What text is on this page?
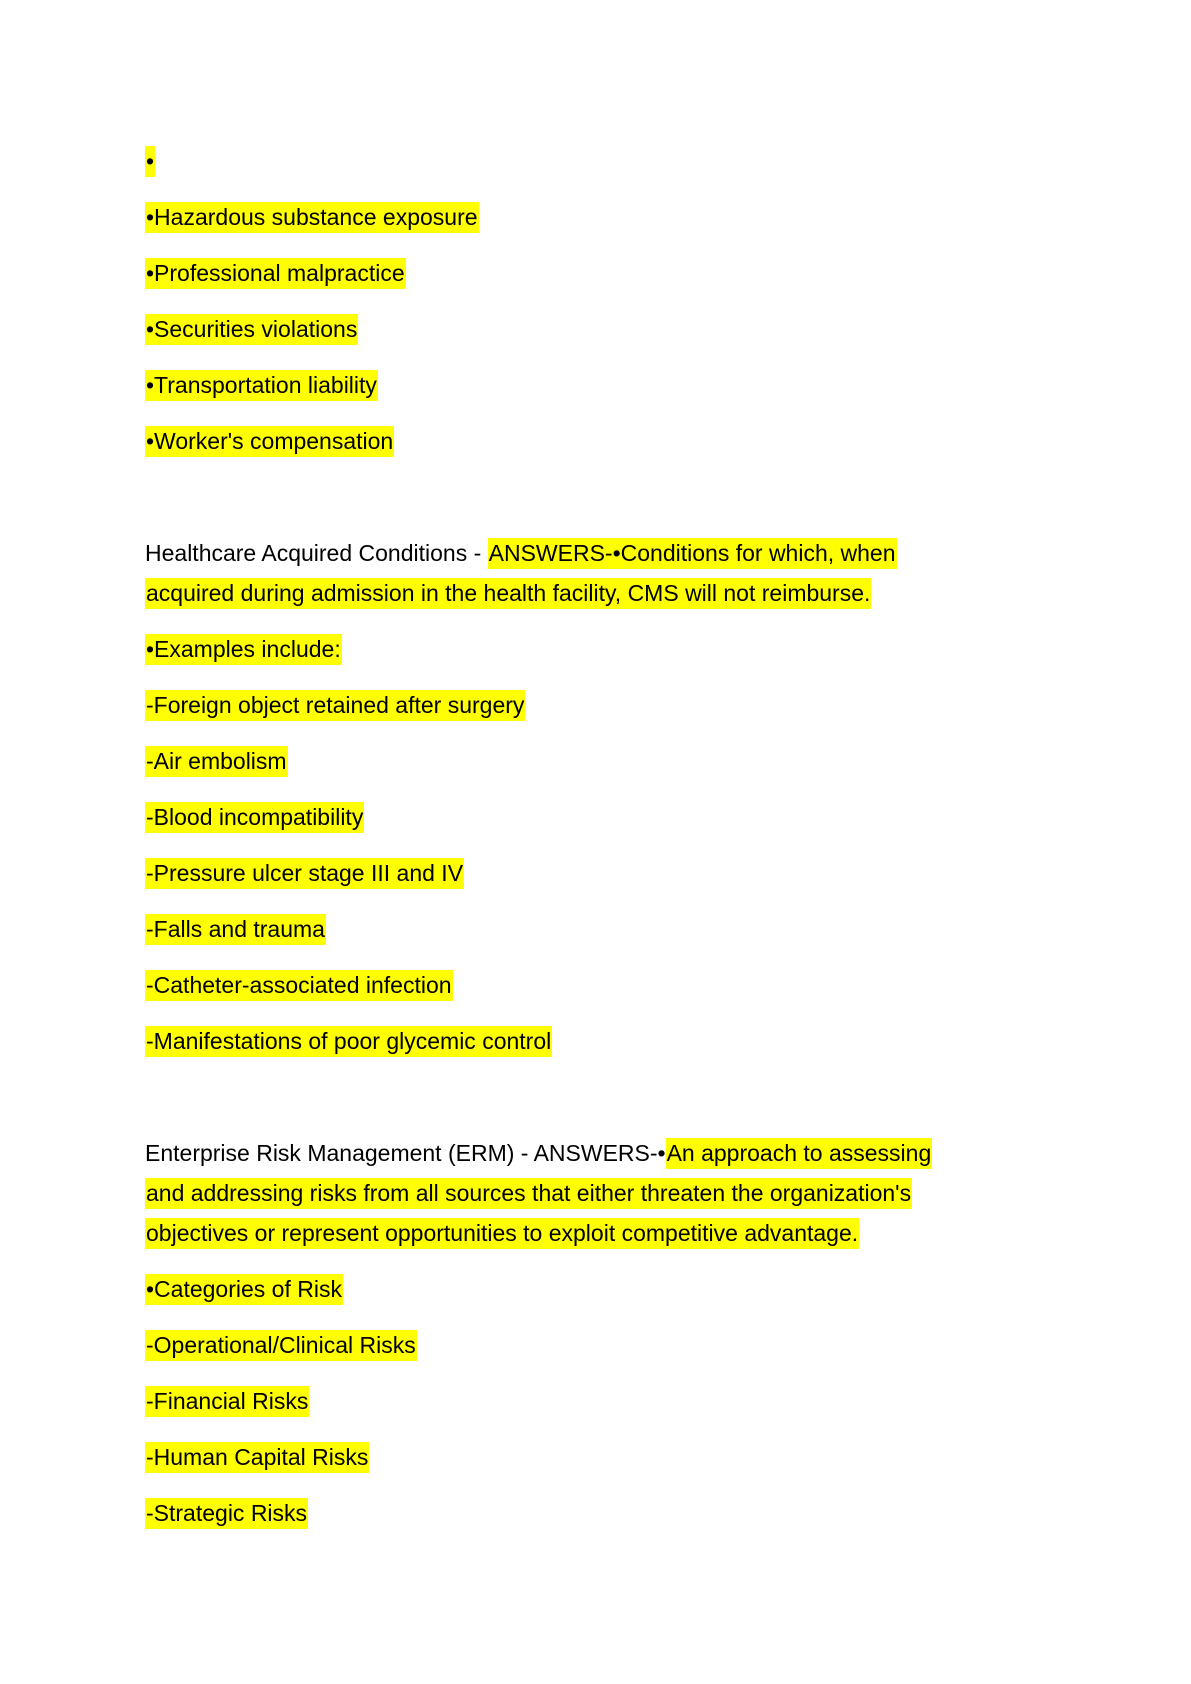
•
•Hazardous substance exposure
•Professional malpractice
•Securities violations
•Transportation liability
•Worker's compensation
Healthcare Acquired Conditions - ANSWERS-•Conditions for which, when
acquired during admission in the health facility, CMS will not reimburse.
•Examples include:
-Foreign object retained after surgery
-Air embolism
-Blood incompatibility
-Pressure ulcer stage III and IV
-Falls and trauma
-Catheter-associated infection
-Manifestations of poor glycemic control
Enterprise Risk Management (ERM) - ANSWERS-•An approach to assessing
and addressing risks from all sources that either threaten the organization's
objectives or represent opportunities to exploit competitive advantage.
•Categories of Risk
-Operational/Clinical Risks
-Financial Risks
-Human Capital Risks
-Strategic Risks
